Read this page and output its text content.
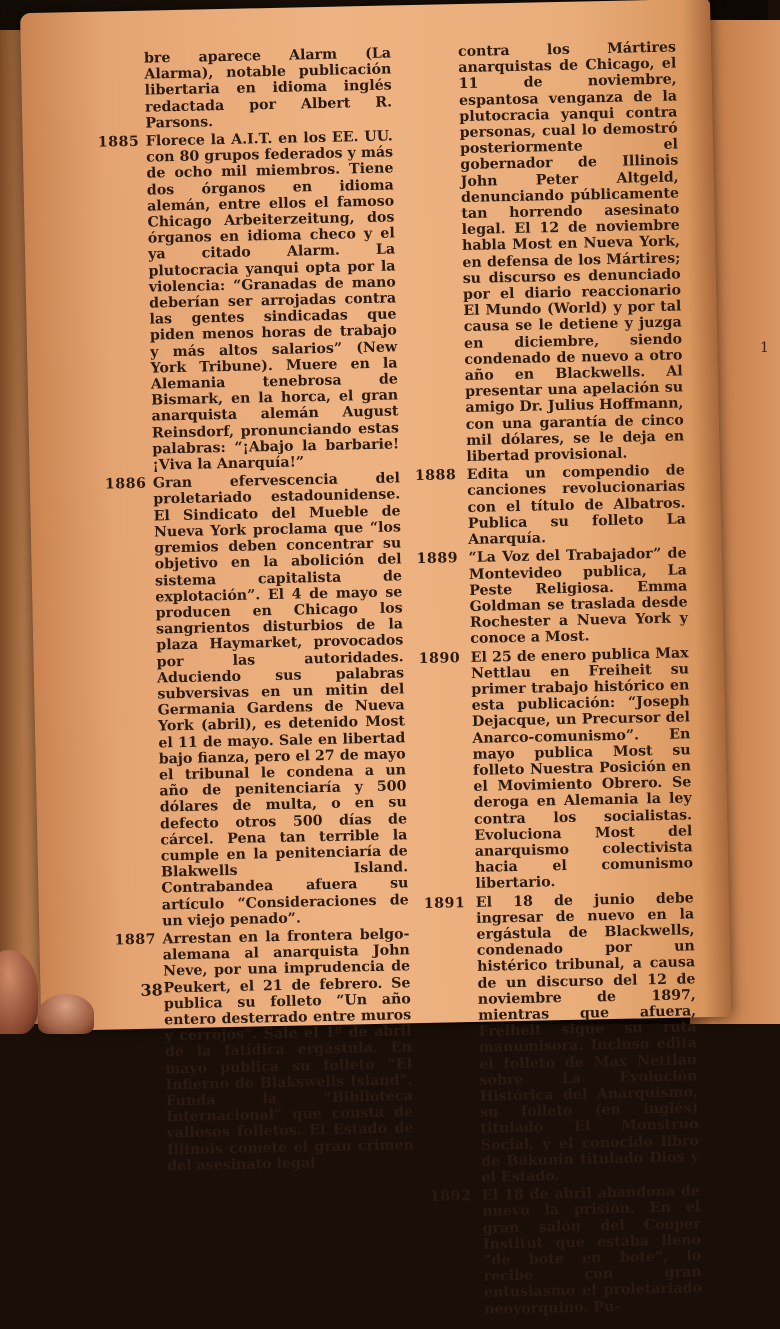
1
bre aparece Alarm (La Alarma), notable publicación libertaria en idioma inglés redactada por Albert R. Parsons.
1885 Florece la A.I.T. en los EE. UU. con 80 grupos federados y más de ocho mil miembros. Tiene dos órganos en idioma alemán, entre ellos el famoso Chicago Arbeiterzeitung, dos órganos en idioma checo y el ya citado Alarm. La plutocracia yanqui opta por la violencia: “Granadas de mano deberían ser arrojadas contra las gentes sindicadas que piden menos horas de trabajo y más altos salarios” (New York Tribune). Muere en la Alemania tenebrosa de Bismark, en la horca, el gran anarquista alemán August Reinsdorf, pronunciando estas palabras: “¡Abajo la barbarie! ¡Viva la Anarquía!”
1886 Gran efervescencia del proletariado estadounidense. El Sindicato del Mueble de Nueva York proclama que “los gremios deben concentrar su objetivo en la abolición del sistema capitalista de explotación”. El 4 de mayo se producen en Chicago los sangrientos disturbios de la plaza Haymarket, provocados por las autoridades. Aduciendo sus palabras subversivas en un mitin del Germania Gardens de Nueva York (abril), es detenido Most el 11 de mayo. Sale en libertad bajo fianza, pero el 27 de mayo el tribunal le condena a un año de penitenciaría y 500 dólares de multa, o en su defecto otros 500 días de cárcel. Pena tan terrible la cumple en la penitenciaría de Blakwells Island. Contrabandea afuera su artículo “Consideraciones de un viejo penado”.
1887 Arrestan en la frontera belgo-alemana al anarquista John Neve, por una imprudencia de Peukert, el 21 de febrero. Se publica su folleto “Un año entero desterrado entre muros y cerrojos”. Sale el 1º de abril de la fatídica ergástula. En mayo publica su folleto “El Infierno de Blakswells Island”. Funda la “Biblioteca Internacional” que consta de valiosos folletos. El Estado de Illinois comete el gran crimen del asesinato legal
contra los Mártires anarquistas de Chicago, el 11 de noviembre, espantosa venganza de la plutocracia yanqui contra personas, cual lo demostró posteriormente el gobernador de Illinois John Peter Altgeld, denunciando públicamente tan horrendo asesinato legal. El 12 de noviembre habla Most en Nueva York, en defensa de los Mártires; su discurso es denunciado por el diario reaccionario El Mundo (World) y por tal causa se le detiene y juzga en diciembre, siendo condenado de nuevo a otro año en Blackwells. Al presentar una apelación su amigo Dr. Julius Hoffmann, con una garantía de cinco mil dólares, se le deja en libertad provisional.
1888 Edita un compendio de canciones revolucionarias con el título de Albatros. Publica su folleto La Anarquía.
1889 “La Voz del Trabajador” de Montevideo publica, La Peste Religiosa. Emma Goldman se traslada desde Rochester a Nueva York y conoce a Most.
1890 El 25 de enero publica Max Nettlau en Freiheit su primer trabajo histórico en esta publicación: “Joseph Dejacque, un Precursor del Anarco-comunismo”. En mayo publica Most su folleto Nuestra Posición en el Movimiento Obrero. Se deroga en Alemania la ley contra los socialistas. Evoluciona Most del anarquismo colectivista hacia el comunismo libertario.
1891 El 18 de junio debe ingresar de nuevo en la ergástula de Blackwells, condenado por un histérico tribunal, a causa de un discurso del 12 de noviembre de 1897, mientras que afuera, Freiheit sigue su ruta manumisora. Incluso edita el folleto de Max Nettlau sobre La Evolución Histórica del Anarquismo, su folleto (en inglés) titulado El Monstruo Social, y el conocido libro de Bakunin titulado Dios y el Estado.
1892 El 18 de abril abandona de nuevo la prisión. En el gran salón del Cooper Institut que estaba lleno “de bote en bote”, lo recibe con gran entusiasmo el proletariado neoyorquino. Pu-
38
